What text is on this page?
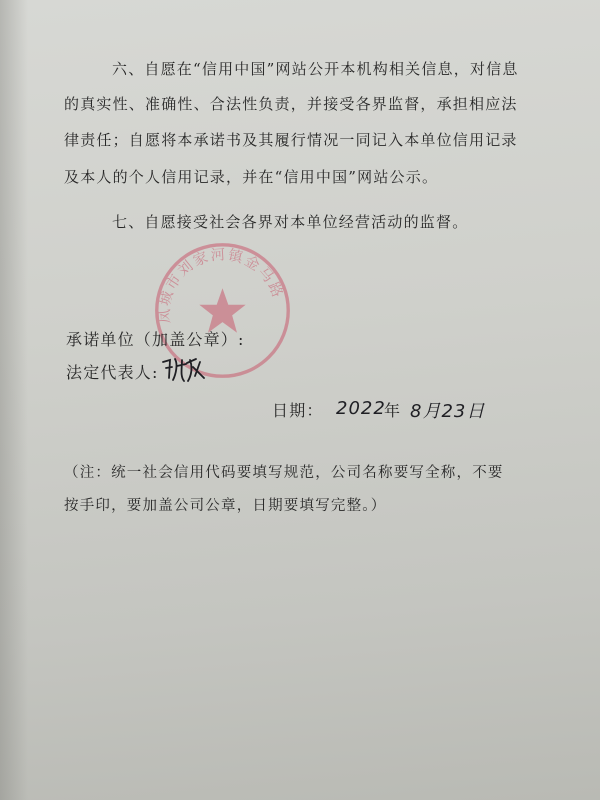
六、自愿在“信用中国”网站公开本机构相关信息，对信息
的真实性、准确性、合法性负责，并接受各界监督，承担相应法
律责任；自愿将本承诺书及其履行情况一同记入本单位信用记录
及本人的个人信用记录，并在“信用中国”网站公示。
七、自愿接受社会各界对本单位经营活动的监督。
凤城市刘家河镇金马路
承诺单位（加盖公章）:
法定代表人:
日期： 2022
年 8月23日
（注：统一社会信用代码要填写规范，公司名称要写全称，不要
按手印，要加盖公司公章，日期要填写完整。）
